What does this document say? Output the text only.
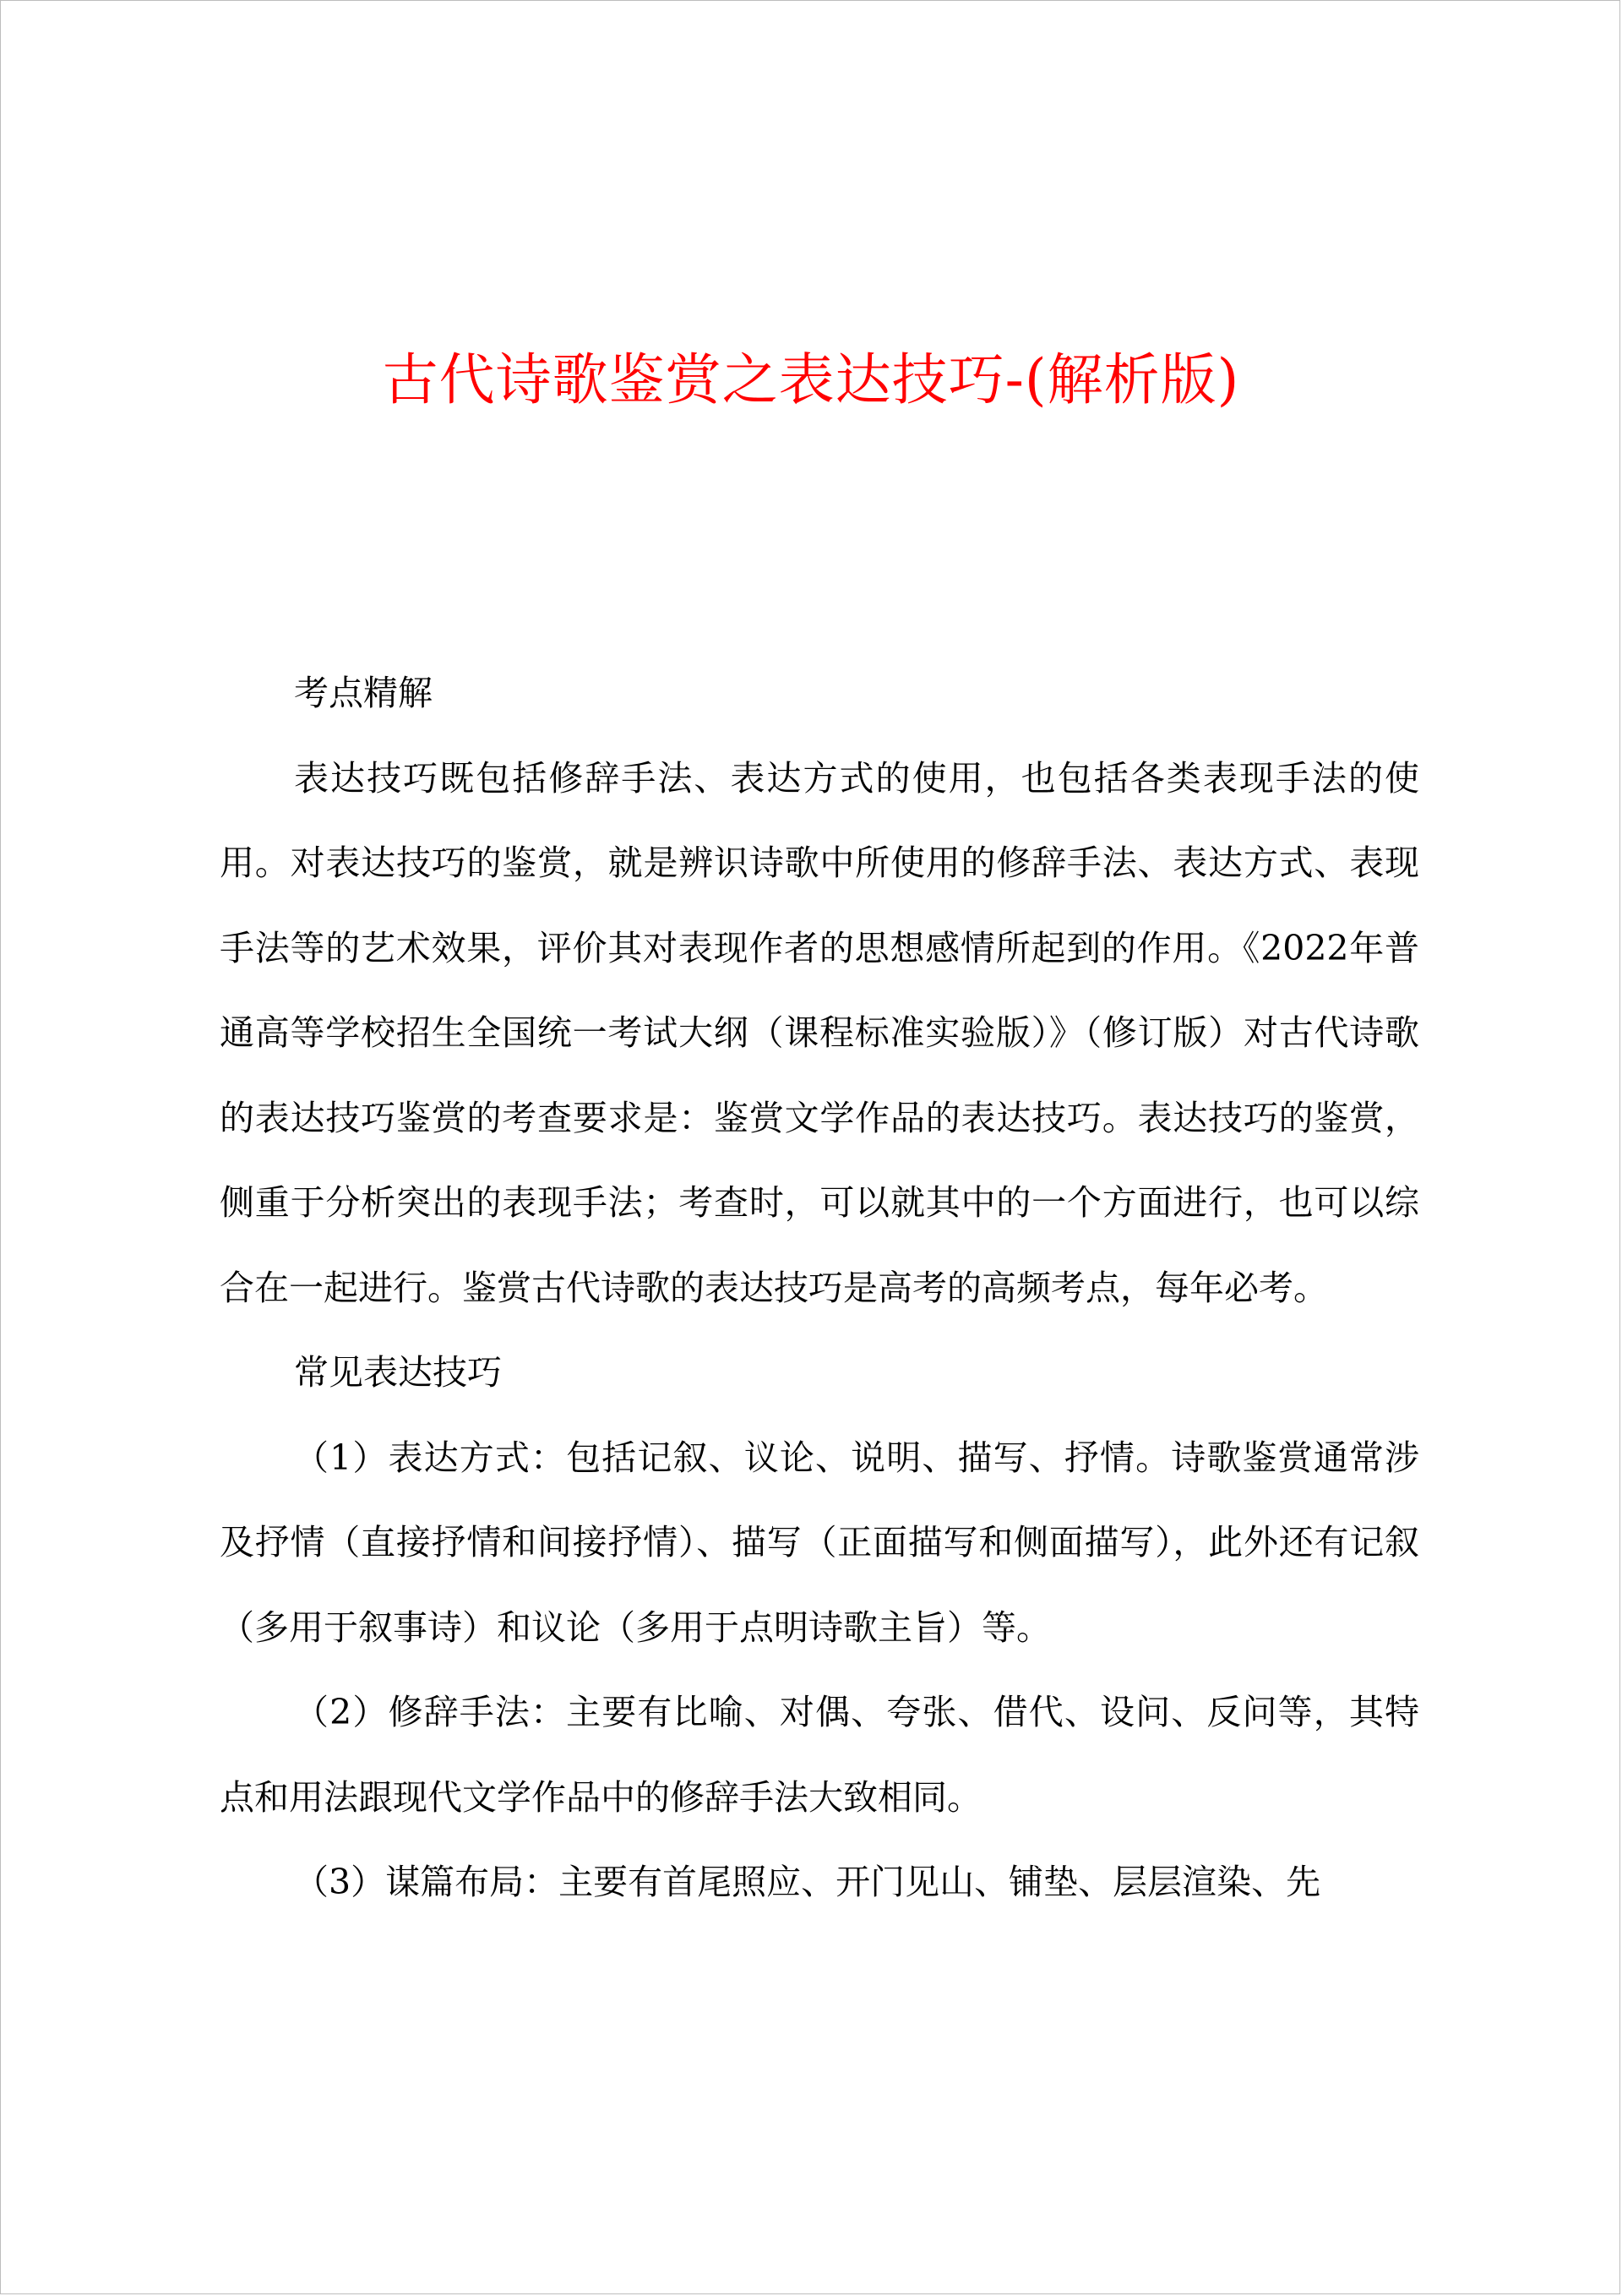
古代诗歌鉴赏之表达技巧-(解析版)

考点精解

表达技巧既包括修辞手法、表达方式的使用，也包括各类表现手法的使用。对表达技巧的鉴赏，就是辨识诗歌中所使用的修辞手法、表达方式、表现手法等的艺术效果，评价其对表现作者的思想感情所起到的作用。《2022年普通高等学校招生全国统一考试大纲（课程标准实验版）》（修订版）对古代诗歌的表达技巧鉴赏的考查要求是：鉴赏文学作品的表达技巧。表达技巧的鉴赏，侧重于分析突出的表现手法；考查时，可以就其中的一个方面进行，也可以综合在一起进行。鉴赏古代诗歌的表达技巧是高考的高频考点，每年必考。

常见表达技巧

（1）表达方式：包括记叙、议论、说明、描写、抒情。诗歌鉴赏通常涉及抒情（直接抒情和间接抒情）、描写（正面描写和侧面描写），此外还有记叙（多用于叙事诗）和议论（多用于点明诗歌主旨）等。

（2）修辞手法：主要有比喻、对偶、夸张、借代、设问、反问等，其特点和用法跟现代文学作品中的修辞手法大致相同。

（3）谋篇布局：主要有首尾照应、开门见山、铺垫、层层渲染、先
